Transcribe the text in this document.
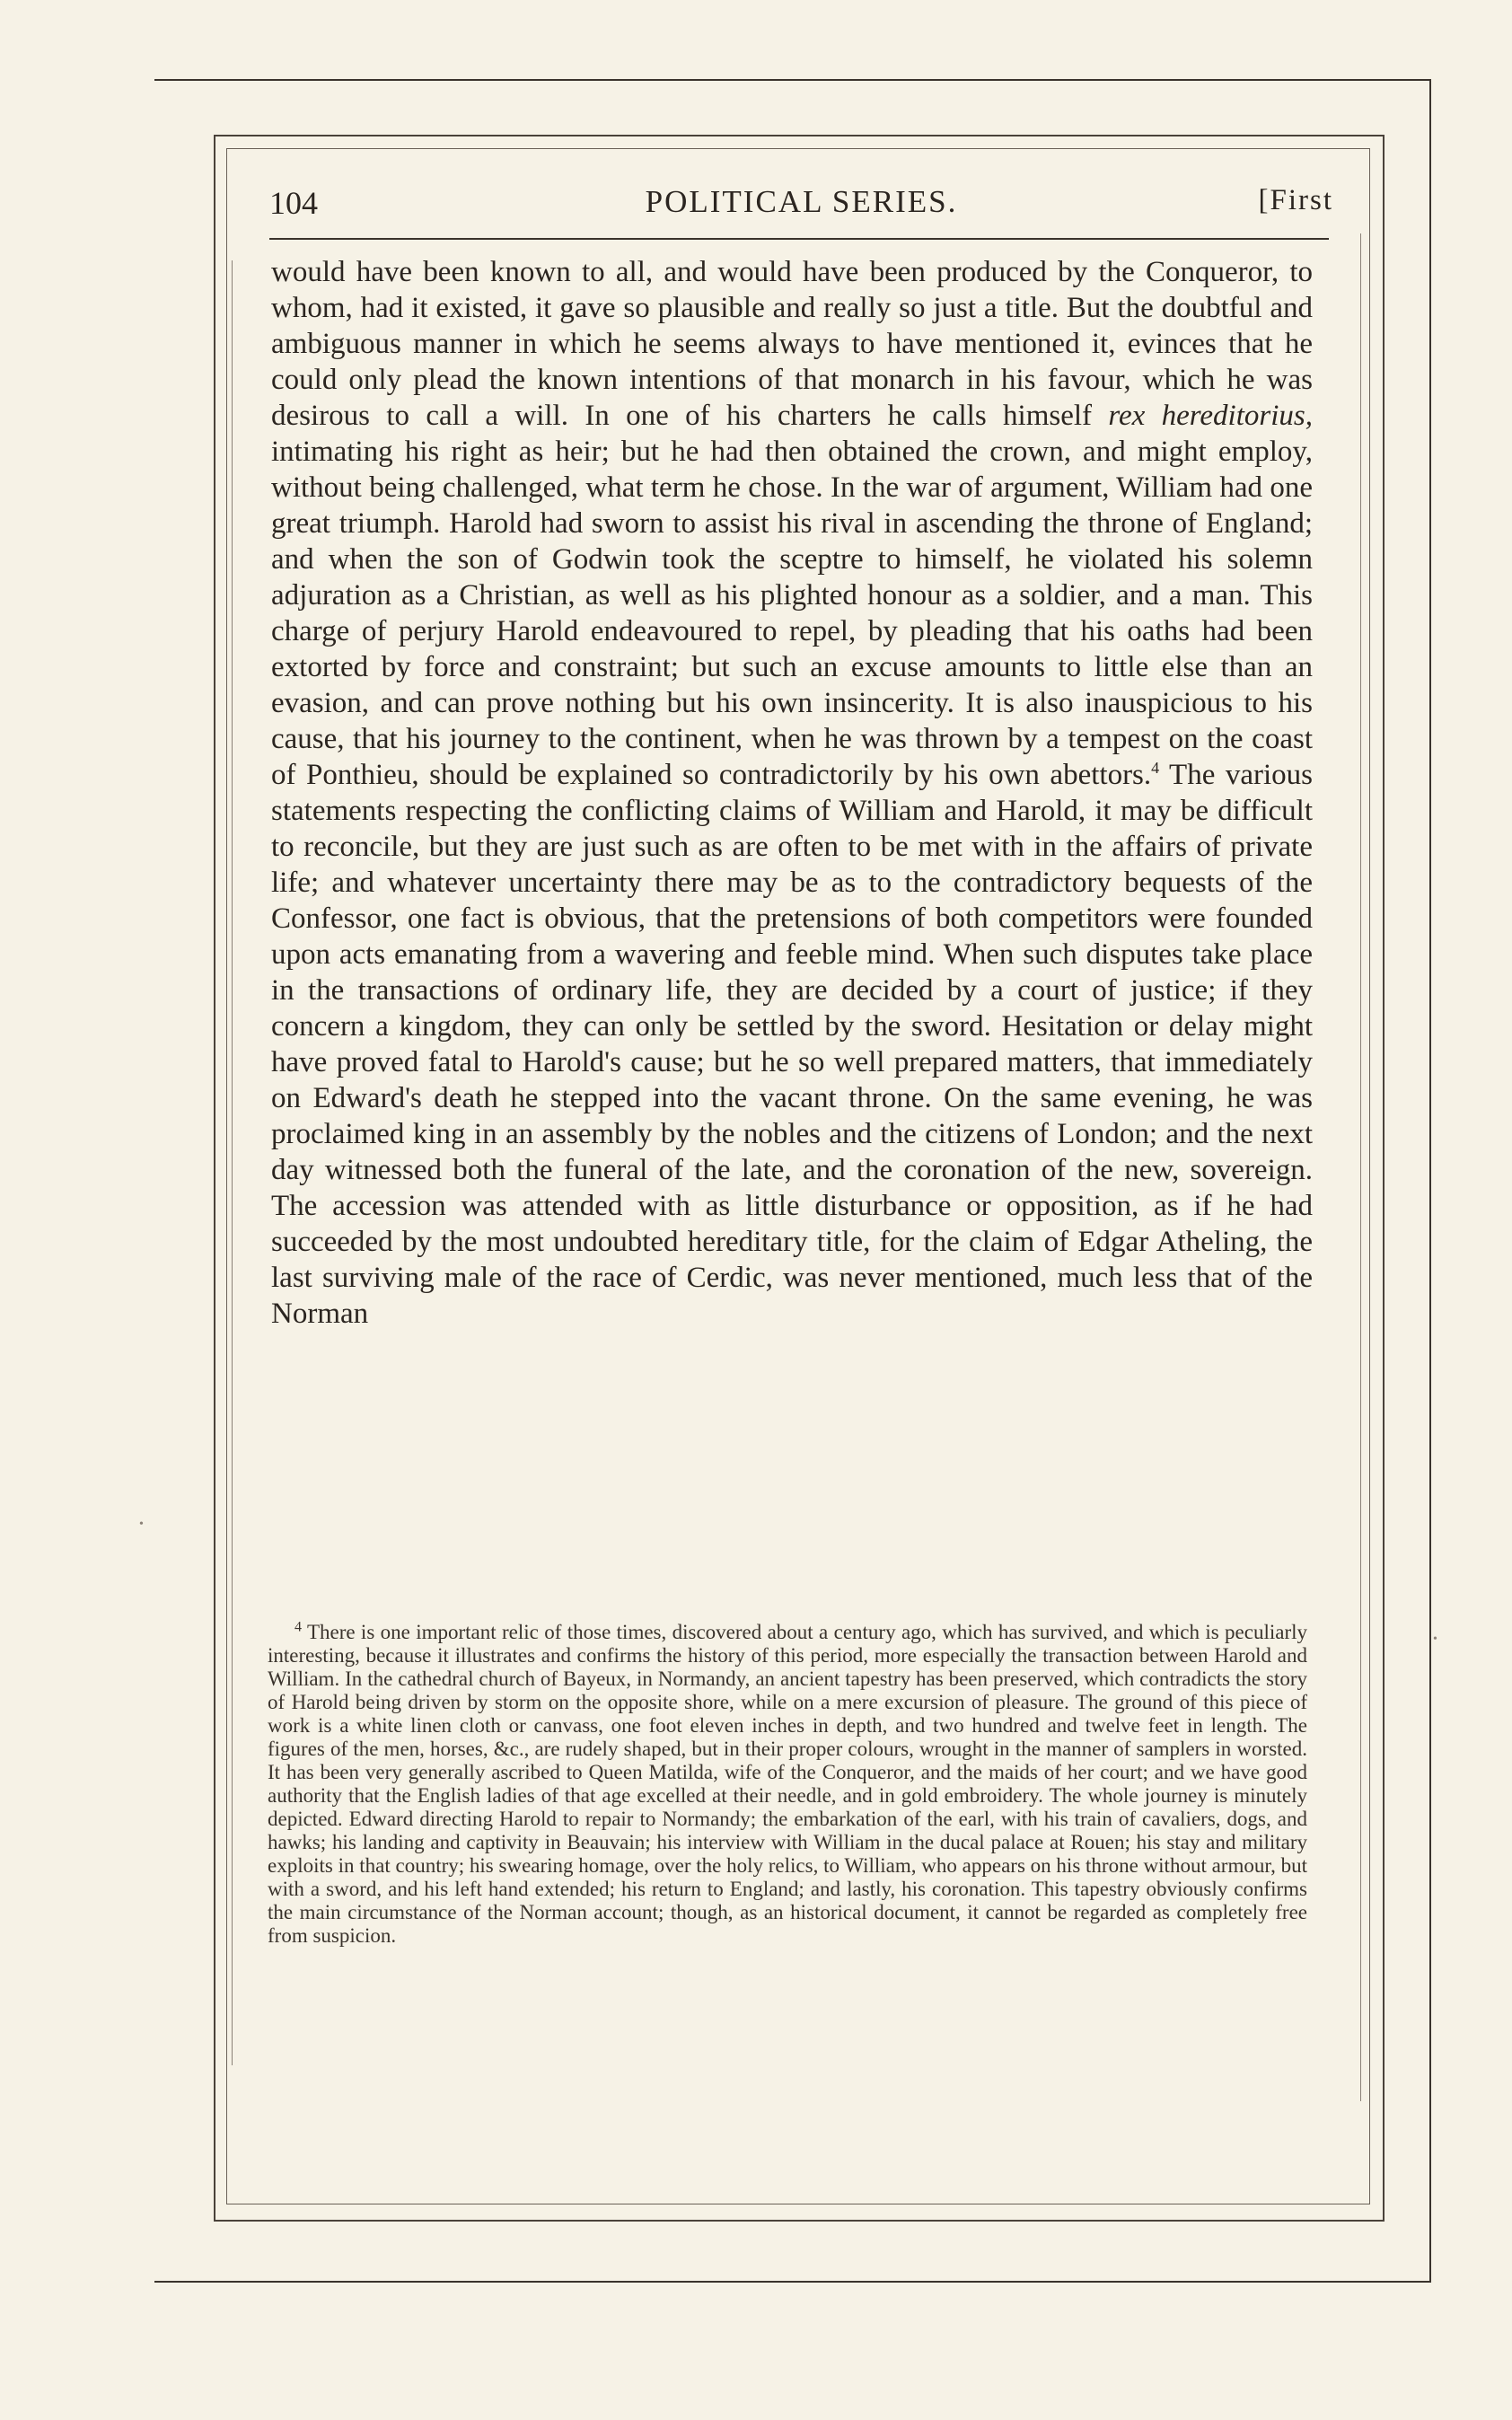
104	POLITICAL SERIES.	[First

would have been known to all, and would have been produced by the Conqueror, to whom, had it existed, it gave so plausible and really so just a title. But the doubtful and ambiguous manner in which he seems always to have mentioned it, evinces that he could only plead the known intentions of that monarch in his favour, which he was desirous to call a will. In one of his charters he calls himself rex hereditorius, intimating his right as heir; but he had then obtained the crown, and might employ, without being challenged, what term he chose. In the war of argument, William had one great triumph. Harold had sworn to assist his rival in ascending the throne of England; and when the son of Godwin took the sceptre to himself, he violated his solemn adjuration as a Christian, as well as his plighted honour as a soldier, and a man. This charge of perjury Harold endeavoured to repel, by pleading that his oaths had been extorted by force and constraint; but such an excuse amounts to little else than an evasion, and can prove nothing but his own insincerity. It is also inauspicious to his cause, that his journey to the continent, when he was thrown by a tempest on the coast of Ponthieu, should be explained so contradictorily by his own abettors.$^4$ The various statements respecting the conflicting claims of William and Harold, it may be difficult to reconcile, but they are just such as are often to be met with in the affairs of private life; and whatever uncertainty there may be as to the contradictory bequests of the Confessor, one fact is obvious, that the pretensions of both competitors were founded upon acts emanating from a wavering and feeble mind. When such disputes take place in the transactions of ordinary life, they are decided by a court of justice; if they concern a kingdom, they can only be settled by the sword. Hesitation or delay might have proved fatal to Harold's cause; but he so well prepared matters, that immediately on Edward's death he stepped into the vacant throne. On the same evening, he was proclaimed king in an assembly by the nobles and the citizens of London; and the next day witnessed both the funeral of the late, and the coronation of the new, sovereign. The accession was attended with as little disturbance or opposition, as if he had succeeded by the most undoubted hereditary title, for the claim of Edgar Atheling, the last surviving male of the race of Cerdic, was never mentioned, much less that of the Norman

$^4$ There is one important relic of those times, discovered about a century ago, which has survived, and which is peculiarly interesting, because it illustrates and confirms the history of this period, more especially the transaction between Harold and William. In the cathedral church of Bayeux, in Normandy, an ancient tapestry has been preserved, which contradicts the story of Harold being driven by storm on the opposite shore, while on a mere excursion of pleasure. The ground of this piece of work is a white linen cloth or canvass, one foot eleven inches in depth, and two hundred and twelve feet in length. The figures of the men, horses, &c., are rudely shaped, but in their proper colours, wrought in the manner of samplers in worsted. It has been very generally ascribed to Queen Matilda, wife of the Conqueror, and the maids of her court; and we have good authority that the English ladies of that age excelled at their needle, and in gold embroidery. The whole journey is minutely depicted. Edward directing Harold to repair to Normandy; the embarkation of the earl, with his train of cavaliers, dogs, and hawks; his landing and captivity in Beauvain; his interview with William in the ducal palace at Rouen; his stay and military exploits in that country; his swearing homage, over the holy relics, to William, who appears on his throne without armour, but with a sword, and his left hand extended; his return to England; and lastly, his coronation. This tapestry obviously confirms the main circumstance of the Norman account; though, as an historical document, it cannot be regarded as completely free from suspicion.

•
•
